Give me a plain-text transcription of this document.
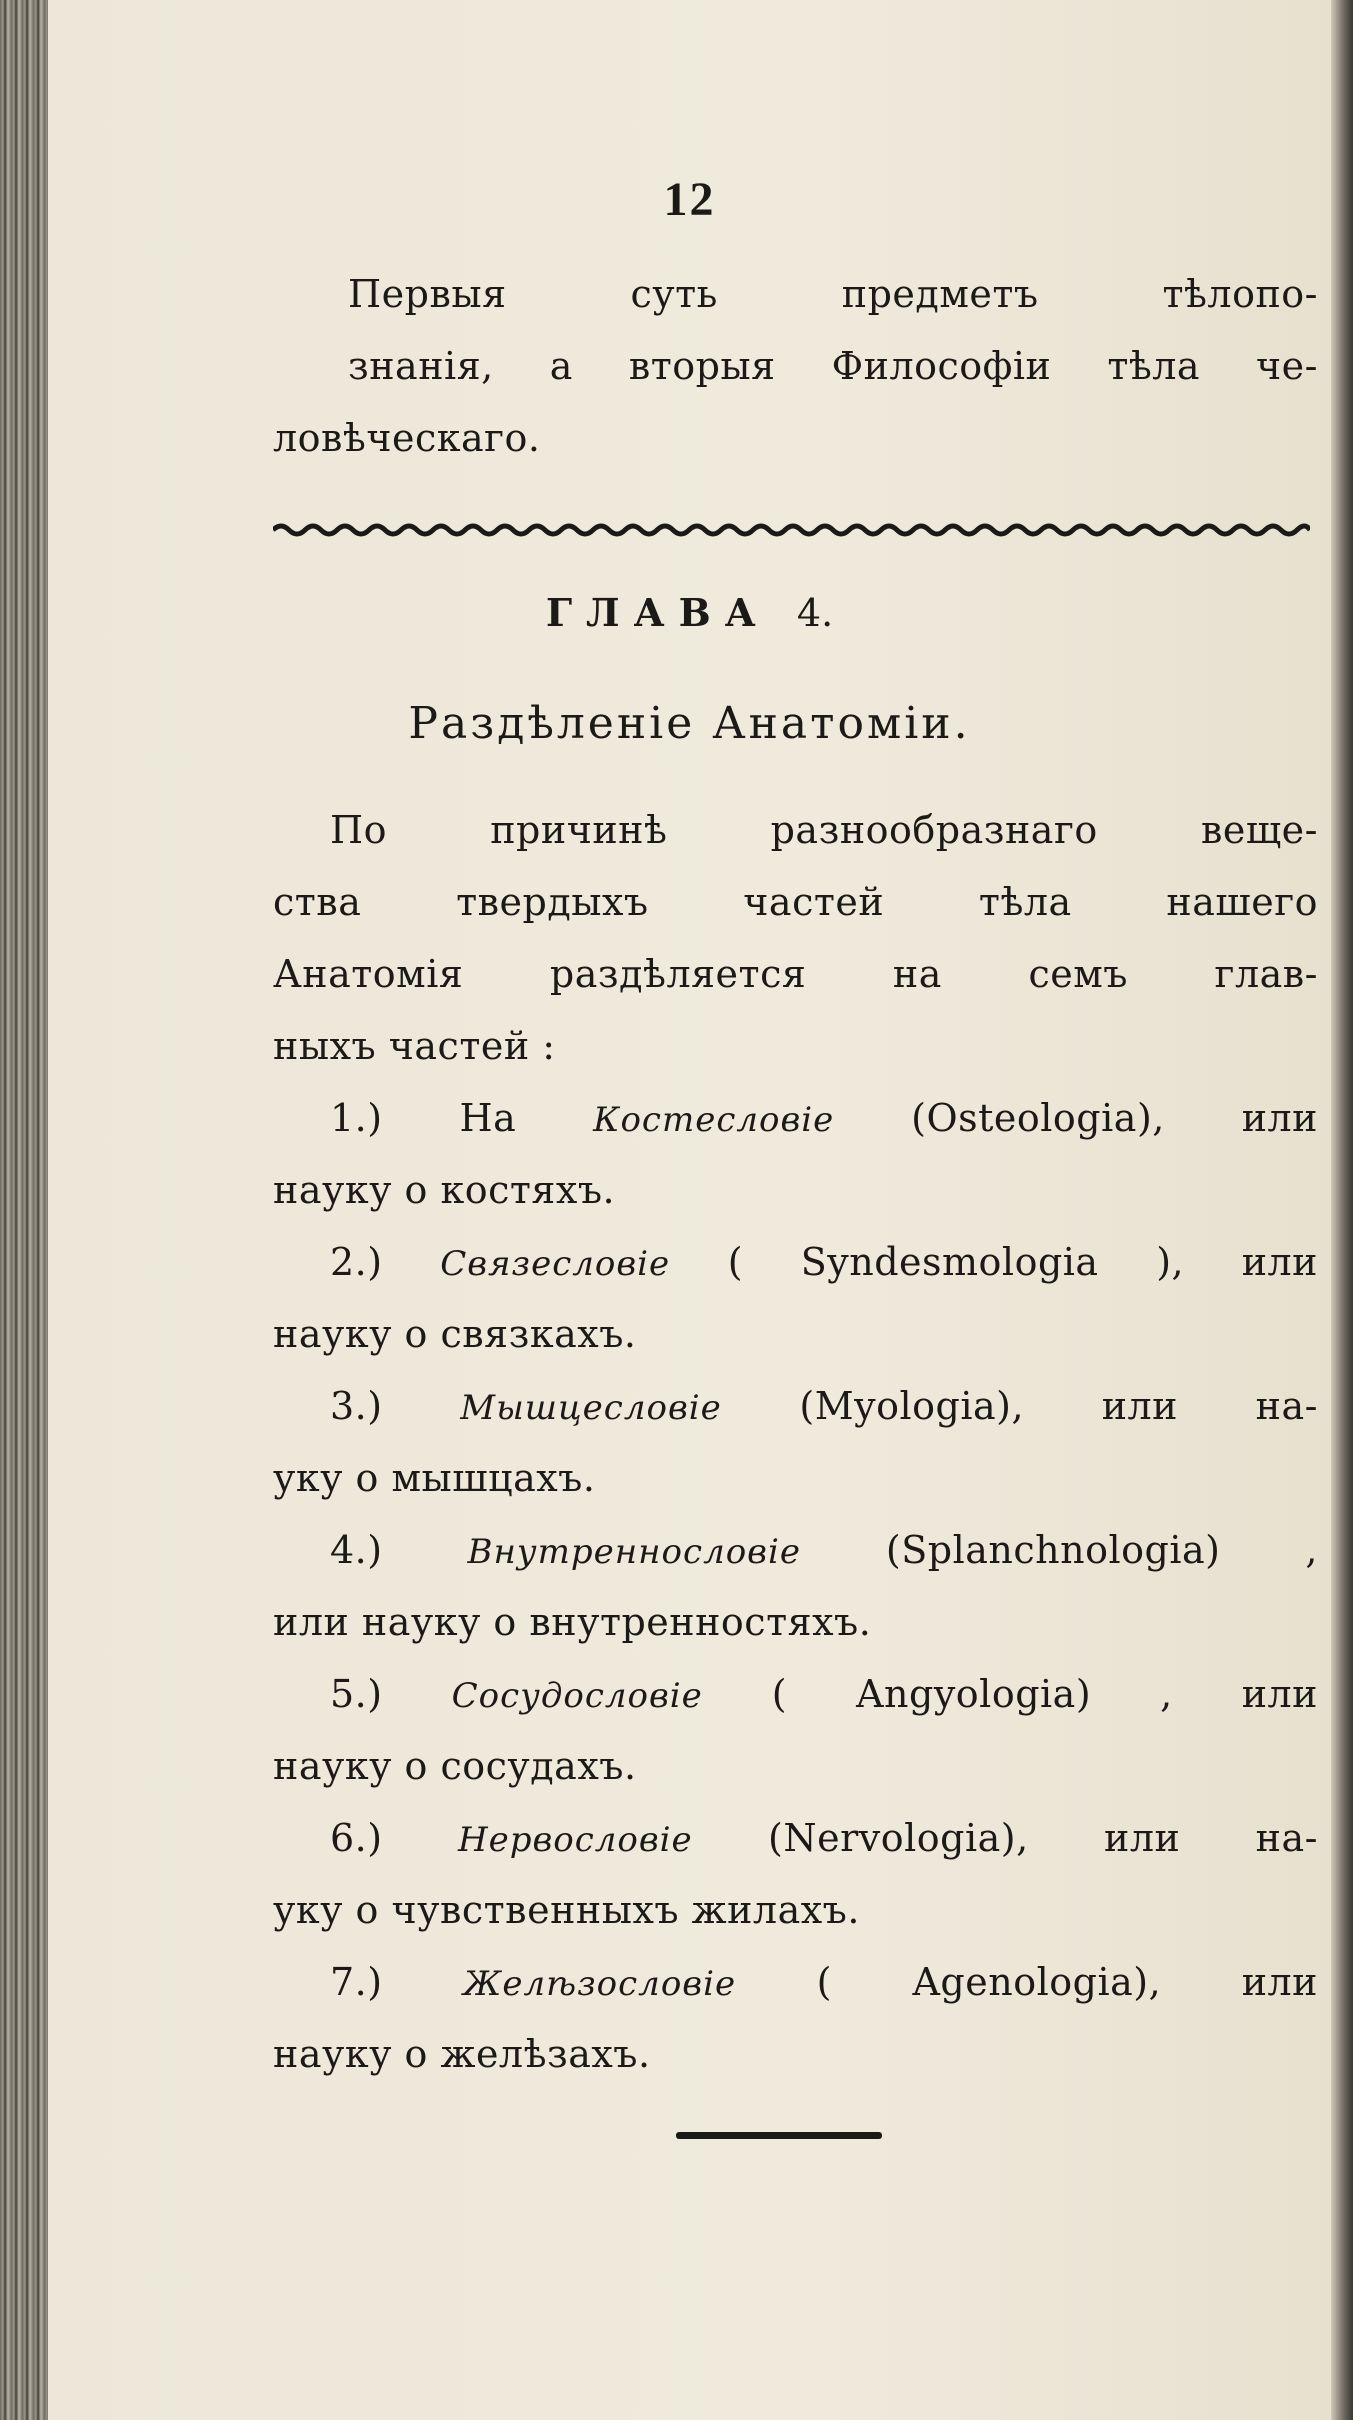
12
Первыя суть предметъ тѣлопо-
знанія, а вторыя Философіи тѣла че-
ловѣческаго.
ГЛАВА 4.
Раздѣленіе Анатоміи.
По причинѣ разнообразнаго веще-
ства твердыхъ частей тѣла нашего
Анатомія раздѣляется на семъ глав-
ныхъ частей :
1.) На Костесловіе (Osteologia), или
науку о костяхъ.
2.) Связесловіе ( Syndesmologia ), или
науку о связкахъ.
3.) Мышцесловіе (Myologia), или на-
уку о мышцахъ.
4.) Внутреннословіе (Splanchnologia) ,
или науку о внутренностяхъ.
5.) Сосудословіе ( Angyologia) , или
науку о сосудахъ.
6.) Нервословіе (Nervologia), или на-
уку о чувственныхъ жилахъ.
7.) Желѣзословіе ( Agenologia), или
науку о желѣзахъ.
